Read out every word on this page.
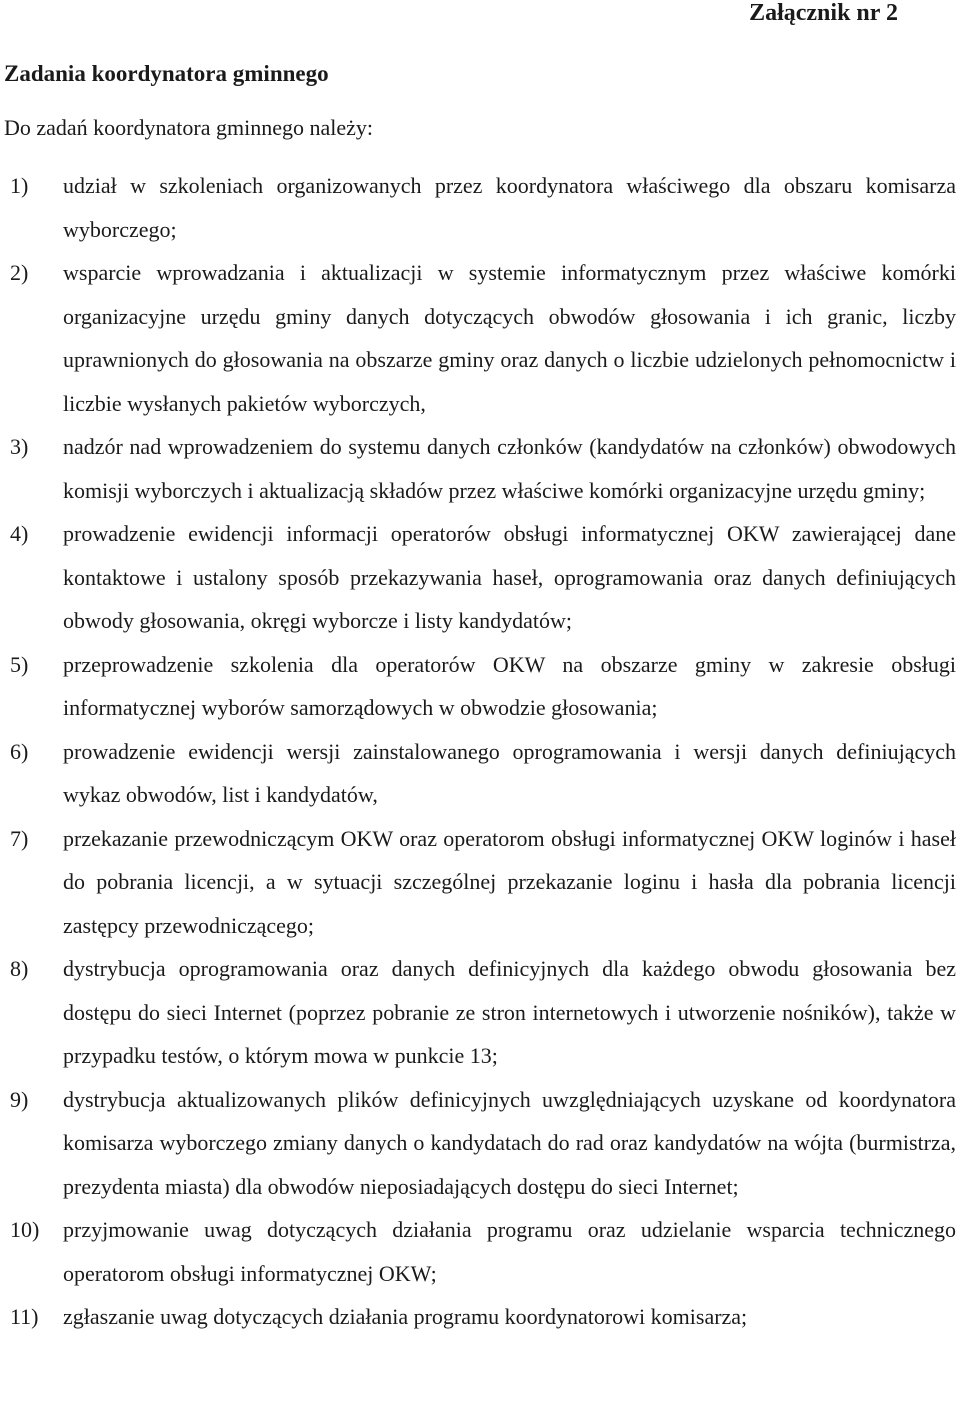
Załącznik nr 2
Zadania koordynatora gminnego
Do zadań koordynatora gminnego należy:
1)	udział w szkoleniach organizowanych przez koordynatora właściwego dla obszaru komisarza wyborczego;
2)	wsparcie wprowadzania i aktualizacji w systemie informatycznym przez właściwe komórki organizacyjne urzędu gminy danych dotyczących obwodów głosowania i ich granic, liczby uprawnionych do głosowania na obszarze gminy oraz danych o liczbie udzielonych pełnomocnictw i liczbie wysłanych pakietów wyborczych,
3)	nadzór nad wprowadzeniem do systemu danych członków (kandydatów na członków) obwodowych komisji wyborczych i aktualizacją składów przez właściwe komórki organizacyjne urzędu gminy;
4)	prowadzenie ewidencji informacji operatorów obsługi informatycznej OKW zawierającej dane kontaktowe i ustalony sposób przekazywania haseł, oprogramowania oraz danych definiujących obwody głosowania, okręgi wyborcze i listy kandydatów;
5)	przeprowadzenie szkolenia dla operatorów OKW na obszarze gminy w zakresie obsługi informatycznej wyborów samorządowych w obwodzie głosowania;
6)	prowadzenie ewidencji wersji zainstalowanego oprogramowania i wersji danych definiujących wykaz obwodów, list i kandydatów,
7)	przekazanie przewodniczącym OKW oraz operatorom obsługi informatycznej OKW loginów i haseł do pobrania licencji, a w sytuacji szczególnej przekazanie loginu i hasła dla pobrania licencji zastępcy przewodniczącego;
8)	dystrybucja oprogramowania oraz danych definicyjnych dla każdego obwodu głosowania bez dostępu do sieci Internet (poprzez pobranie ze stron internetowych i utworzenie nośników), także w przypadku testów, o którym mowa w punkcie 13;
9)	dystrybucja aktualizowanych plików definicyjnych uwzględniających uzyskane od koordynatora komisarza wyborczego zmiany danych o kandydatach do rad oraz kandydatów na wójta (burmistrza, prezydenta miasta) dla obwodów nieposiadających dostępu do sieci Internet;
10)	przyjmowanie uwag dotyczących działania programu oraz udzielanie wsparcia technicznego operatorom obsługi informatycznej OKW;
11)	zgłaszanie uwag dotyczących działania programu koordynatorowi komisarza;
